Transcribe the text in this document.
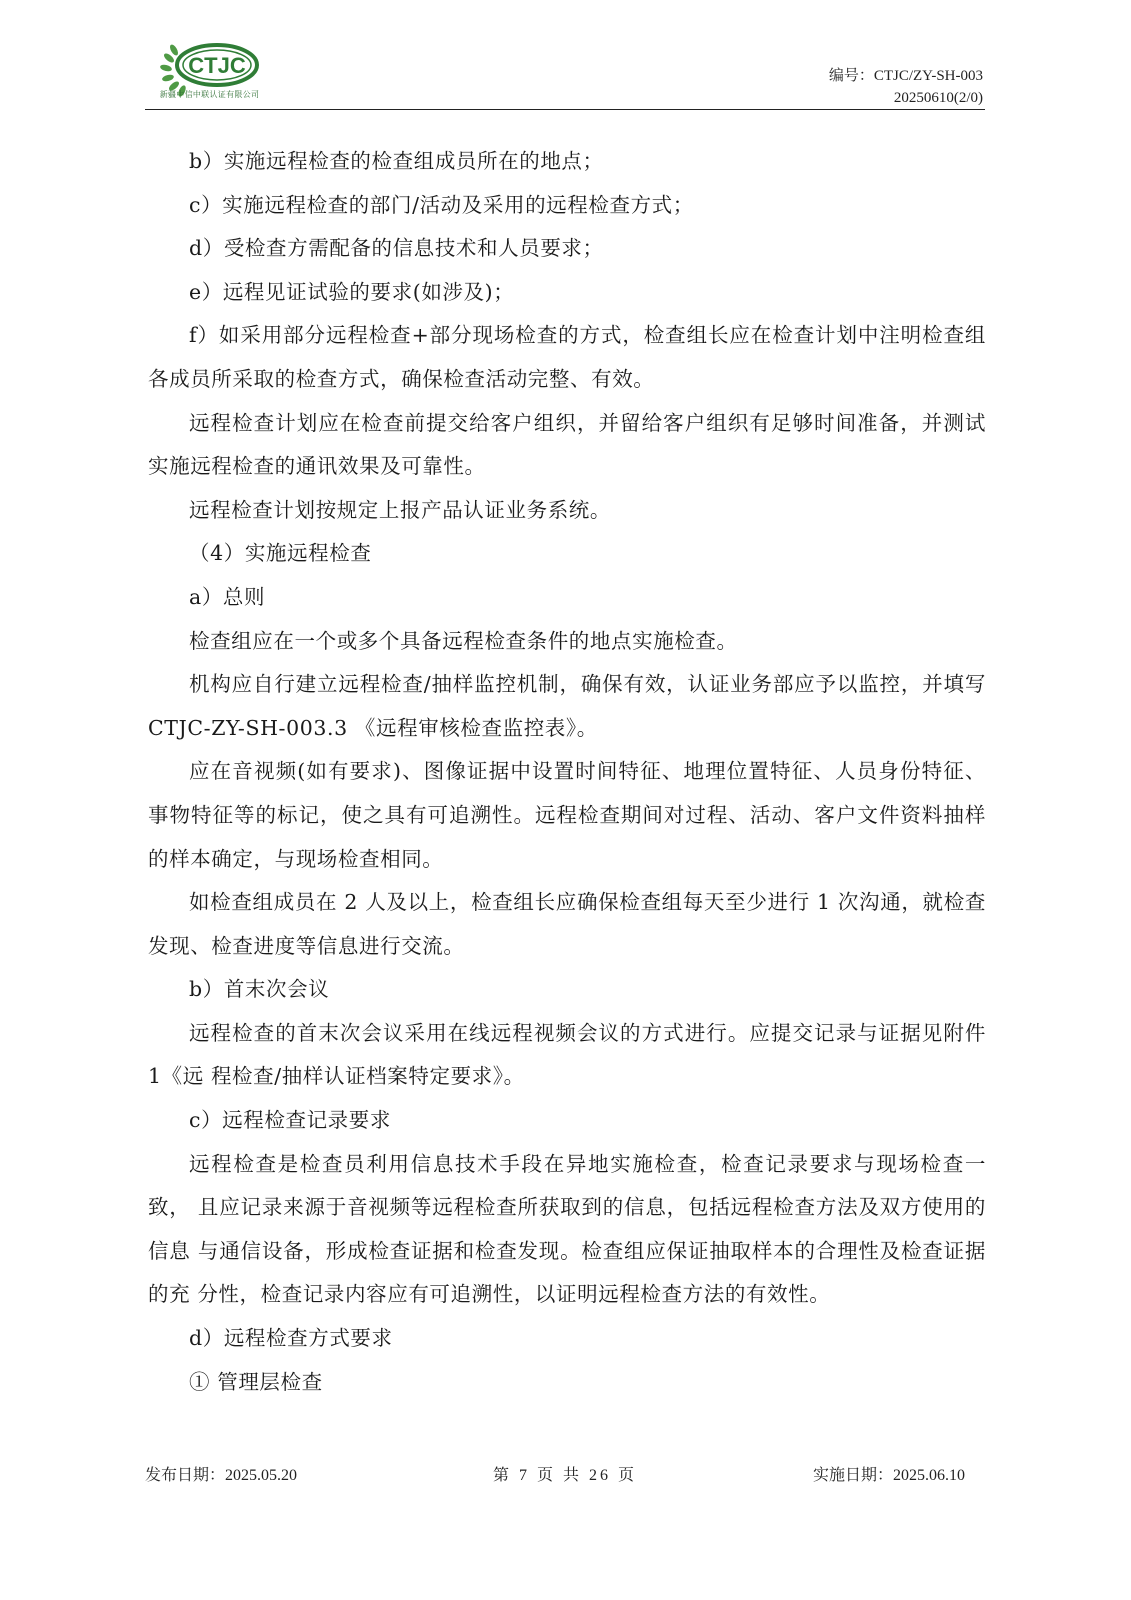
CTJC
新疆中信中联认证有限公司
编号：CTJC/ZY-SH-003
20250610(2/0)

b）实施远程检查的检查组成员所在的地点；

c）实施远程检查的部门/活动及采用的远程检查方式；

d）受检查方需配备的信息技术和人员要求；

e）远程见证试验的要求(如涉及)；

f）如采用部分远程检查+部分现场检查的方式，检查组长应在检查计划中注明检查组各成员所采取的检查方式，确保检查活动完整、有效。

远程检查计划应在检查前提交给客户组织，并留给客户组织有足够时间准备，并测试 实施远程检查的通讯效果及可靠性。

远程检查计划按规定上报产品认证业务系统。

（4）实施远程检查

a）总则

检查组应在一个或多个具备远程检查条件的地点实施检查。

机构应自行建立远程检查/抽样监控机制，确保有效，认证业务部应予以监控，并填写 CTJC-ZY-SH-003.3 《远程审核检查监控表》。

应在音视频(如有要求)、图像证据中设置时间特征、地理位置特征、人员身份特征、事物特征等的标记，使之具有可追溯性。远程检查期间对过程、活动、客户文件资料抽样的样本确定，与现场检查相同。

如检查组成员在 2 人及以上，检查组长应确保检查组每天至少进行 1 次沟通，就检查发现、检查进度等信息进行交流。

b）首末次会议

远程检查的首末次会议采用在线远程视频会议的方式进行。应提交记录与证据见附件 1《远 程检查/抽样认证档案特定要求》。

c）远程检查记录要求

远程检查是检查员利用信息技术手段在异地实施检查，检查记录要求与现场检查一致， 且应记录来源于音视频等远程检查所获取到的信息，包括远程检查方法及双方使用的信息 与通信设备，形成检查证据和检查发现。检查组应保证抽取样本的合理性及检查证据的充 分性，检查记录内容应有可追溯性，以证明远程检查方法的有效性。

d）远程检查方式要求

① 管理层检查

发布日期：2025.05.20	第 7 页 共 26 页	实施日期：2025.06.10
